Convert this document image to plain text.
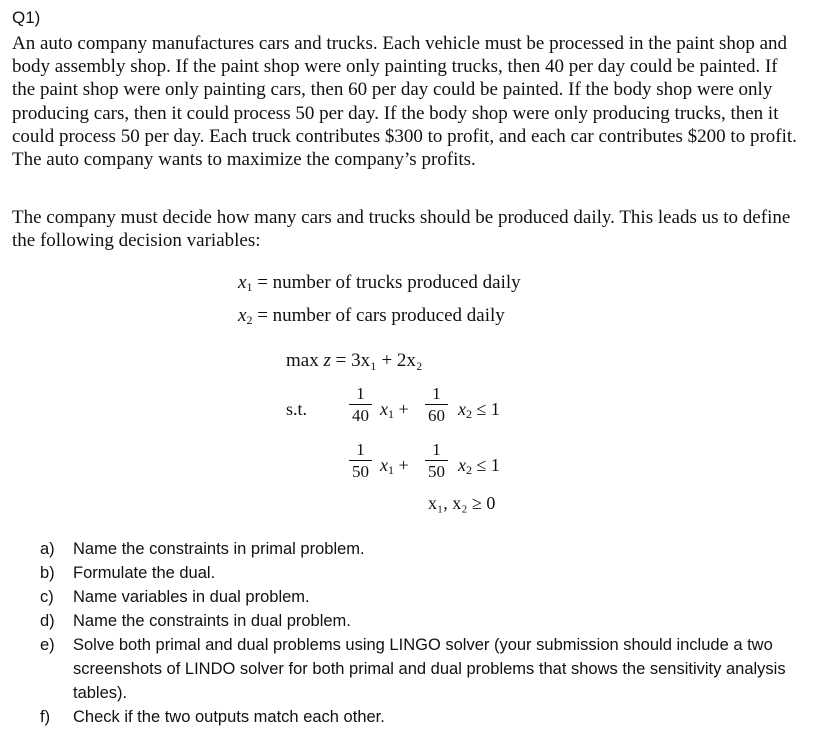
Q1)
An auto company manufactures cars and trucks. Each vehicle must be processed in the paint shop and body assembly shop. If the paint shop were only painting trucks, then 40 per day could be painted. If the paint shop were only painting cars, then 60 per day could be painted. If the body shop were only producing cars, then it could process 50 per day. If the body shop were only producing trucks, then it could process 50 per day. Each truck contributes $300 to profit, and each car contributes $200 to profit. The auto company wants to maximize the company’s profits.
The company must decide how many cars and trucks should be produced daily. This leads us to define the following decision variables:
$x_1$ = number of trucks produced daily
$x_2$ = number of cars produced daily
max z = 3x₁ + 2x₂
s.t.
1
40 $x_1$ +
1
60 $x_2 \le 1$
1
50 $x_1$ +
1
50 $x_2 \le 1$
x₁, x₂ ≥ 0
a)	Name the constraints in primal problem.
b)	Formulate the dual.
c)	Name variables in dual problem.
d)	Name the constraints in dual problem.
e)	Solve both primal and dual problems using LINGO solver (your submission should include a two screenshots of LINDO solver for both primal and dual problems that shows the sensitivity analysis tables).
f)	Check if the two outputs match each other.
